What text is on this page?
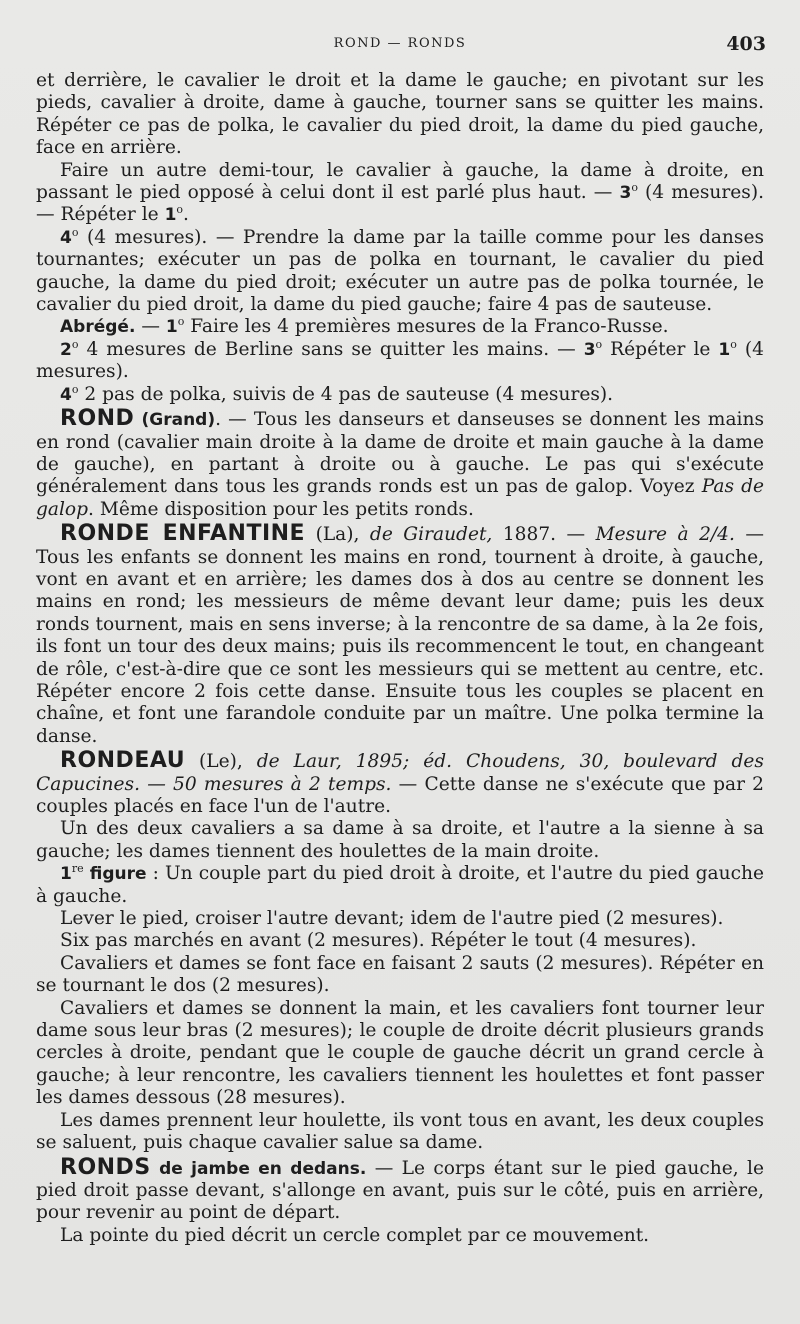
ROND — RONDS	403

et derrière, le cavalier le droit et la dame le gauche; en pivotant sur les pieds, cavalier à droite, dame à gauche, tourner sans se quitter les mains. Répéter ce pas de polka, le cavalier du pied droit, la dame du pied gauche, face en arrière.

Faire un autre demi-tour, le cavalier à gauche, la dame à droite, en passant le pied opposé à celui dont il est parlé plus haut. — 3$^o$ (4 mesures). — Répéter le 1$^o$.

4$^o$ (4 mesures). — Prendre la dame par la taille comme pour les danses tournantes; exécuter un pas de polka en tournant, le cavalier du pied gauche, la dame du pied droit; exécuter un autre pas de polka tournée, le cavalier du pied droit, la dame du pied gauche; faire 4 pas de sauteuse.

Abrégé. — 1$^o$ Faire les 4 premières mesures de la Franco-Russe.

2$^o$ 4 mesures de Berline sans se quitter les mains. — 3$^o$ Répéter le 1$^o$ (4 mesures).

4$^o$ 2 pas de polka, suivis de 4 pas de sauteuse (4 mesures).

ROND (Grand). — Tous les danseurs et danseuses se donnent les mains en rond (cavalier main droite à la dame de droite et main gauche à la dame de gauche), en partant à droite ou à gauche. Le pas qui s'exécute généralement dans tous les grands ronds est un pas de galop. Voyez Pas de galop. Même disposition pour les petits ronds.

RONDE ENFANTINE (La), de Giraudet, 1887. — Mesure à 2/4. — Tous les enfants se donnent les mains en rond, tournent à droite, à gauche, vont en avant et en arrière; les dames dos à dos au centre se donnent les mains en rond; les messieurs de même devant leur dame; puis les deux ronds tournent, mais en sens inverse; à la rencontre de sa dame, à la 2e fois, ils font un tour des deux mains; puis ils recommencent le tout, en changeant de rôle, c'est-à-dire que ce sont les messieurs qui se mettent au centre, etc. Répéter encore 2 fois cette danse. Ensuite tous les couples se placent en chaîne, et font une farandole conduite par un maître. Une polka termine la danse.

RONDEAU (Le), de Laur, 1895; éd. Choudens, 30, boulevard des Capucines. — 50 mesures à 2 temps. — Cette danse ne s'exécute que par 2 couples placés en face l'un de l'autre.

Un des deux cavaliers a sa dame à sa droite, et l'autre a la sienne à sa gauche; les dames tiennent des houlettes de la main droite.

1re figure : Un couple part du pied droit à droite, et l'autre du pied gauche à gauche.

Lever le pied, croiser l'autre devant; idem de l'autre pied (2 mesures).

Six pas marchés en avant (2 mesures). Répéter le tout (4 mesures).

Cavaliers et dames se font face en faisant 2 sauts (2 mesures). Répéter en se tournant le dos (2 mesures).

Cavaliers et dames se donnent la main, et les cavaliers font tourner leur dame sous leur bras (2 mesures); le couple de droite décrit plusieurs grands cercles à droite, pendant que le couple de gauche décrit un grand cercle à gauche; à leur rencontre, les cavaliers tiennent les houlettes et font passer les dames dessous (28 mesures).

Les dames prennent leur houlette, ils vont tous en avant, les deux couples se saluent, puis chaque cavalier salue sa dame.

RONDS de jambe en dedans. — Le corps étant sur le pied gauche, le pied droit passe devant, s'allonge en avant, puis sur le côté, puis en arrière, pour revenir au point de départ.

La pointe du pied décrit un cercle complet par ce mouvement.
